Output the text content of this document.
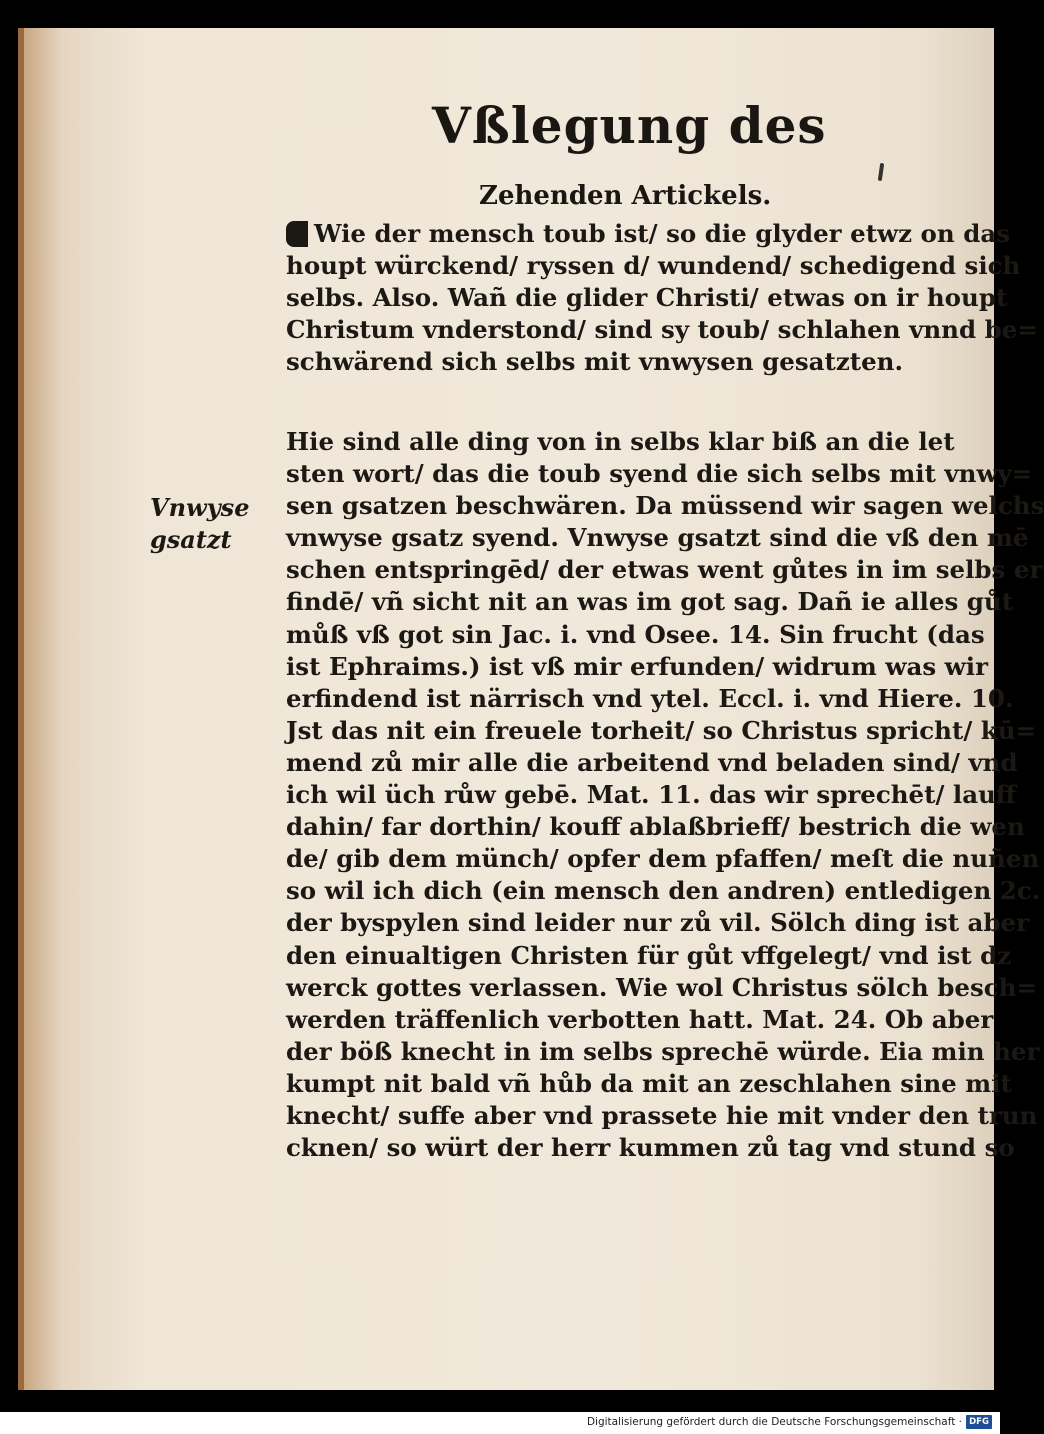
Vßlegung des
Zehenden Artickels.
Wie der mensch toub ist/ so die glyder etwz on das
houpt würckend/ ryssen d/ wundend/ schedigend sich
selbs. Also. Wañ die glider Christi/ etwas on ir houpt
Christum vnderstond/ sind sy toub/ schlahen vnnd be=
schwärend sich selbs mit vnwysen gesatzten.
Hie sind alle ding von in selbs klar biß an die let
sten wort/ das die toub syend die sich selbs mit vnwy=
sen gsatzen beschwären. Da müssend wir sagen welchs
vnwyse gsatz syend. Vnwyse gsatzt sind die vß den mē
schen entspringēd/ der etwas went gůtes in im selbs er
findē/ vñ sicht nit an was im got sag. Dañ ie alles gůt
můß vß got sin Jac. i. vnd Osee. 14. Sin frucht (das
ist Ephraims.) ist vß mir erfunden/ widrum was wir
erfindend ist närrisch vnd ytel. Eccl. i. vnd Hiere. 10.
Jst das nit ein freuele torheit/ so Christus spricht/ kū=
mend zů mir alle die arbeitend vnd beladen sind/ vnd
ich wil üch růw gebē. Mat. 11. das wir sprechēt/ lauff
dahin/ far dorthin/ kouff ablaßbrieff/ bestrich die wen
de/ gib dem münch/ opfer dem pfaffen/ meſt die nuñen
so wil ich dich (ein mensch den andren) entledigen 2c.
der byspylen sind leider nur zů vil. Sölch ding ist aber
den einualtigen Christen für gůt vffgelegt/ vnd ist dz
werck gottes verlassen. Wie wol Christus sölch besch=
werden träffenlich verbotten hatt. Mat. 24. Ob aber
der böß knecht in im selbs sprechē würde. Eia min her
kumpt nit bald vñ hůb da mit an zeschlahen sine mit
knecht/ suffe aber vnd prassete hie mit vnder den trun
cknen/ so würt der herr kummen zů tag vnd stund so
Vnwyse
gsatzt
Digitalisierung gefördert durch die Deutsche Forschungsgemeinschaft · DFG
